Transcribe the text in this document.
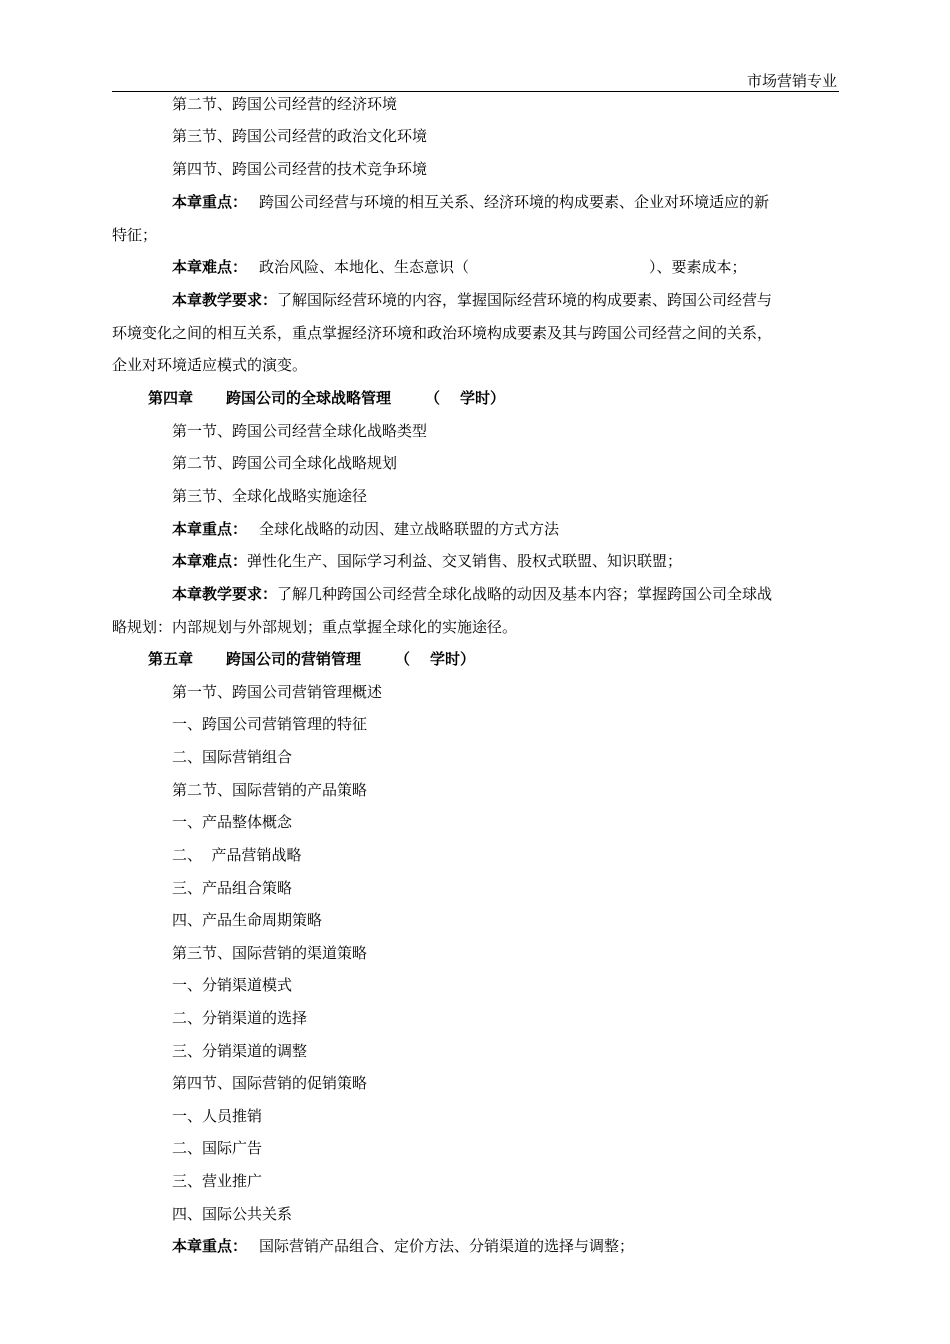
市场营销专业
第二节、跨国公司经营的经济环境
第三节、跨国公司经营的政治文化环境
第四节、跨国公司经营的技术竞争环境
本章重点： 跨国公司经营与环境的相互关系、经济环境的构成要素、企业对环境适应的新
特征；
本章难点： 政治风险、本地化、生态意识（	）、要素成本；
本章教学要求：了解国际经营环境的内容，掌握国际经营环境的构成要素、跨国公司经营与
环境变化之间的相互关系，重点掌握经济环境和政治环境构成要素及其与跨国公司经营之间的关系，
企业对环境适应模式的演变。
第四章 跨国公司的全球战略管理 （ 学时）
第一节、跨国公司经营全球化战略类型
第二节、跨国公司全球化战略规划
第三节、全球化战略实施途径
本章重点： 全球化战略的动因、建立战略联盟的方式方法
本章难点：弹性化生产、国际学习利益、交叉销售、股权式联盟、知识联盟；
本章教学要求：了解几种跨国公司经营全球化战略的动因及基本内容；掌握跨国公司全球战
略规划：内部规划与外部规划；重点掌握全球化的实施途径。
第五章 跨国公司的营销管理 （ 学时）
第一节、跨国公司营销管理概述
一、跨国公司营销管理的特征
二、国际营销组合
第二节、国际营销的产品策略
一、产品整体概念
二、  产品营销战略
三、产品组合策略
四、产品生命周期策略
第三节、国际营销的渠道策略
一、分销渠道模式
二、分销渠道的选择
三、分销渠道的调整
第四节、国际营销的促销策略
一、人员推销
二、国际广告
三、营业推广
四、国际公共关系
本章重点： 国际营销产品组合、定价方法、分销渠道的选择与调整；
